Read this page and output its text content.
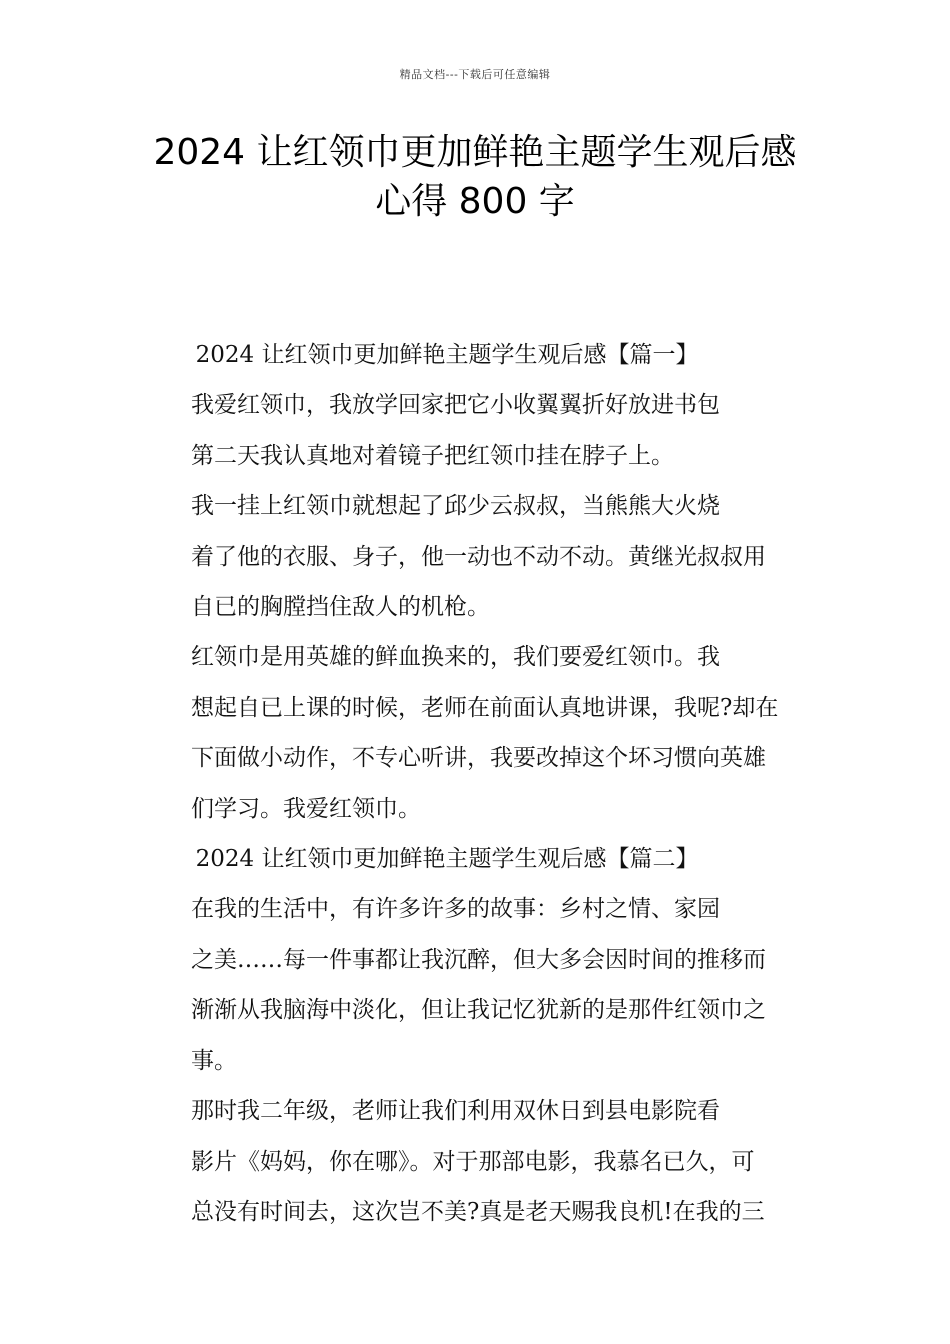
精品文档---下载后可任意编辑
2024 让红领巾更加鲜艳主题学生观后感
心得 800 字

2024 让红领巾更加鲜艳主题学生观后感【篇一】

我爱红领巾，我放学回家把它小收翼翼折好放进书包
第二天我认真地对着镜子把红领巾挂在脖子上。

我一挂上红领巾就想起了邱少云叔叔，当熊熊大火烧
着了他的衣服、身子，他一动也不动不动。黄继光叔叔用
自已的胸膛挡住敌人的机枪。

红领巾是用英雄的鲜血换来的，我们要爱红领巾。我
想起自已上课的时候，老师在前面认真地讲课，我呢?却在
下面做小动作，不专心听讲，我要改掉这个坏习惯向英雄
们学习。我爱红领巾。

2024 让红领巾更加鲜艳主题学生观后感【篇二】

在我的生活中，有许多许多的故事：乡村之情、家园
之美……每一件事都让我沉醉，但大多会因时间的推移而
渐渐从我脑海中淡化，但让我记忆犹新的是那件红领巾之
事。

那时我二年级，老师让我们利用双休日到县电影院看
影片《妈妈，你在哪》。对于那部电影，我慕名已久，可
总没有时间去，这次岂不美?真是老天赐我良机!在我的三
